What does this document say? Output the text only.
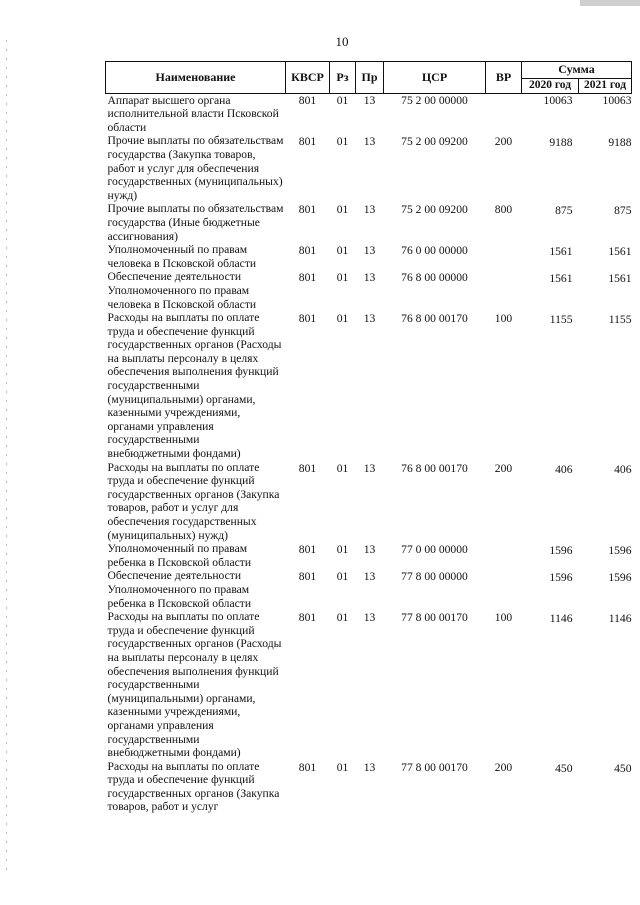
10
Наименование	КВСР	Рз	Пр	ЦСР	ВР	Сумма	
						2020 год	2021 год
Аппарат высшего органа исполнительной власти Псковской области	801	01	13	75 2 00 00000		10063	10063
Прочие выплаты по обязательствам государства (Закупка товаров, работ и услуг для обеспечения государственных (муниципальных) нужд)	801	01	13	75 2 00 09200	200	9188	9188
Прочие выплаты по обязательствам государства (Иные бюджетные ассигнования)	801	01	13	75 2 00 09200	800	875	875
Уполномоченный по правам человека в Псковской области	801	01	13	76 0 00 00000		1561	1561
Обеспечение деятельности Уполномоченного по правам человека в Псковской области	801	01	13	76 8 00 00000		1561	1561
Расходы на выплаты по оплате труда и обеспечение функций государственных органов (Расходы на выплаты персоналу в целях обеспечения выполнения функций государственными (муниципальными) органами, казенными учреждениями, органами управления государственными внебюджетными фондами)	801	01	13	76 8 00 00170	100	1155	1155
Расходы на выплаты по оплате труда и обеспечение функций государственных органов (Закупка товаров, работ и услуг для обеспечения государственных (муниципальных) нужд)	801	01	13	76 8 00 00170	200	406	406
Уполномоченный по правам ребенка в Псковской области	801	01	13	77 0 00 00000		1596	1596
Обеспечение деятельности Уполномоченного по правам ребенка в Псковской области	801	01	13	77 8 00 00000		1596	1596
Расходы на выплаты по оплате труда и обеспечение функций государственных органов (Расходы на выплаты персоналу в целях обеспечения выполнения функций государственными (муниципальными) органами, казенными учреждениями, органами управления государственными внебюджетными фондами)	801	01	13	77 8 00 00170	100	1146	1146
Расходы на выплаты по оплате труда и обеспечение функций государственных органов (Закупка товаров, работ и услуг	801	01	13	77 8 00 00170	200	450	450
